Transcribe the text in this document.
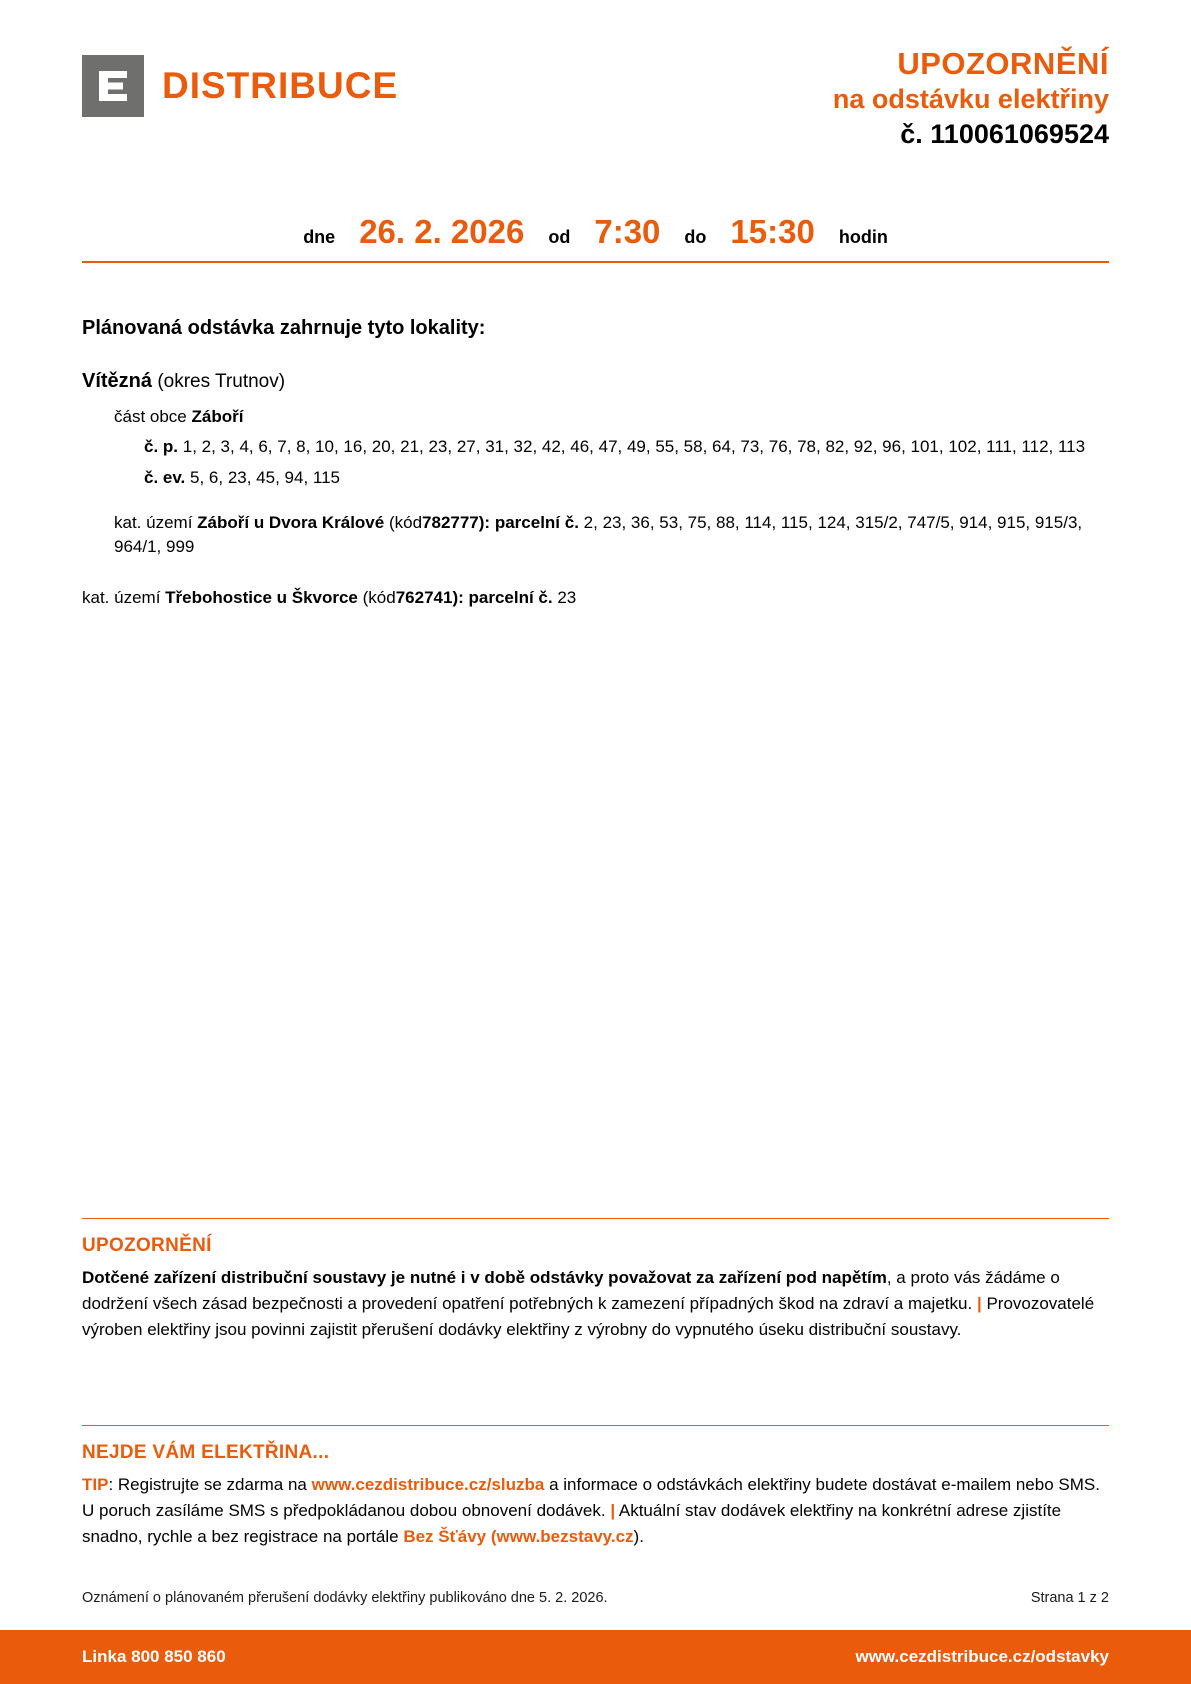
DISTRIBUCE
UPOZORNĚNÍ
na odstávku elektřiny
č. 110061069524
dne 26. 2. 2026 od 7:30 do 15:30 hodin
Plánovaná odstávka zahrnuje tyto lokality:
Vítězná (okres Trutnov)
část obce Záboří
č. p. 1, 2, 3, 4, 6, 7, 8, 10, 16, 20, 21, 23, 27, 31, 32, 42, 46, 47, 49, 55, 58, 64, 73, 76, 78, 82, 92, 96, 101, 102, 111, 112, 113
č. ev. 5, 6, 23, 45, 94, 115
kat. území Záboří u Dvora Králové (kód782777): parcelní č. 2, 23, 36, 53, 75, 88, 114, 115, 124, 315/2, 747/5, 914, 915, 915/3, 964/1, 999
kat. území Třebohostice u Škvorce (kód762741): parcelní č. 23
UPOZORNĚNÍ
Dotčené zařízení distribuční soustavy je nutné i v době odstávky považovat za zařízení pod napětím, a proto vás žádáme o dodržení všech zásad bezpečnosti a provedení opatření potřebných k zamezení případných škod na zdraví a majetku. | Provozovatelé výroben elektřiny jsou povinni zajistit přerušení dodávky elektřiny z výrobny do vypnutého úseku distribuční soustavy.
NEJDE VÁM ELEKTŘINA...
TIP: Registrujte se zdarma na www.cezdistribuce.cz/sluzba a informace o odstávkách elektřiny budete dostávat e-mailem nebo SMS. U poruch zasíláme SMS s předpokládanou dobou obnovení dodávek. | Aktuální stav dodávek elektřiny na konkrétní adrese zjistíte snadno, rychle a bez registrace na portále Bez Šťávy (www.bezstavy.cz).
Oznámení o plánovaném přerušení dodávky elektřiny publikováno dne 5. 2. 2026.	Strana 1 z 2
Linka 800 850 860	www.cezdistribuce.cz/odstavky
